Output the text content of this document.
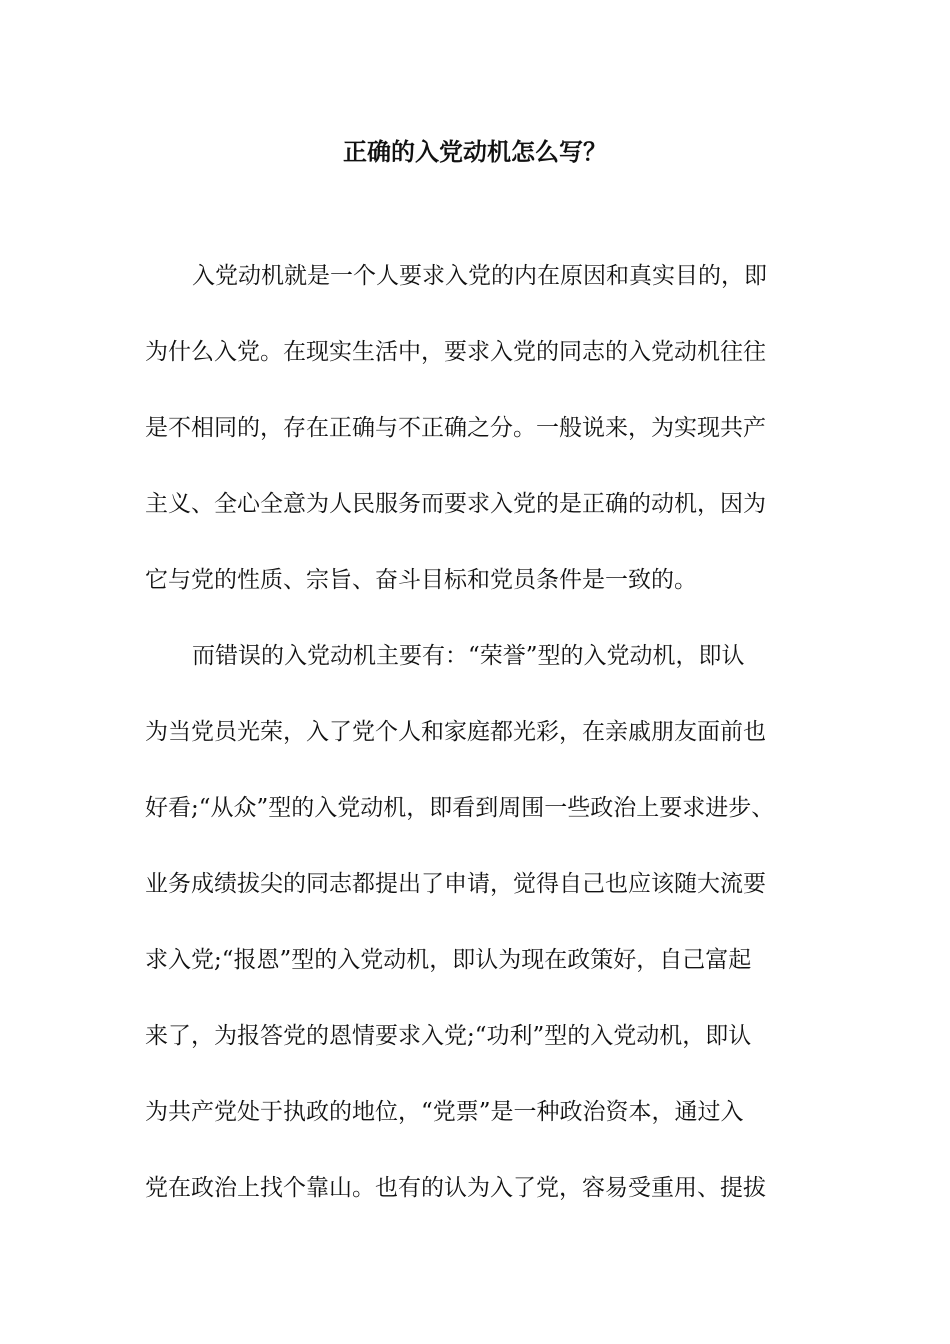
正确的入党动机怎么写？
入党动机就是一个人要求入党的内在原因和真实目的，即
为什么入党。在现实生活中，要求入党的同志的入党动机往往
是不相同的，存在正确与不正确之分。一般说来，为实现共产
主义、全心全意为人民服务而要求入党的是正确的动机，因为
它与党的性质、宗旨、奋斗目标和党员条件是一致的。
而错误的入党动机主要有：“荣誉”型的入党动机，即认
为当党员光荣，入了党个人和家庭都光彩，在亲戚朋友面前也
好看;“从众”型的入党动机，即看到周围一些政治上要求进步、
业务成绩拔尖的同志都提出了申请，觉得自己也应该随大流要
求入党;“报恩”型的入党动机，即认为现在政策好，自己富起
来了，为报答党的恩情要求入党;“功利”型的入党动机，即认
为共产党处于执政的地位，“党票”是一种政治资本，通过入
党在政治上找个靠山。也有的认为入了党，容易受重用、提拔
